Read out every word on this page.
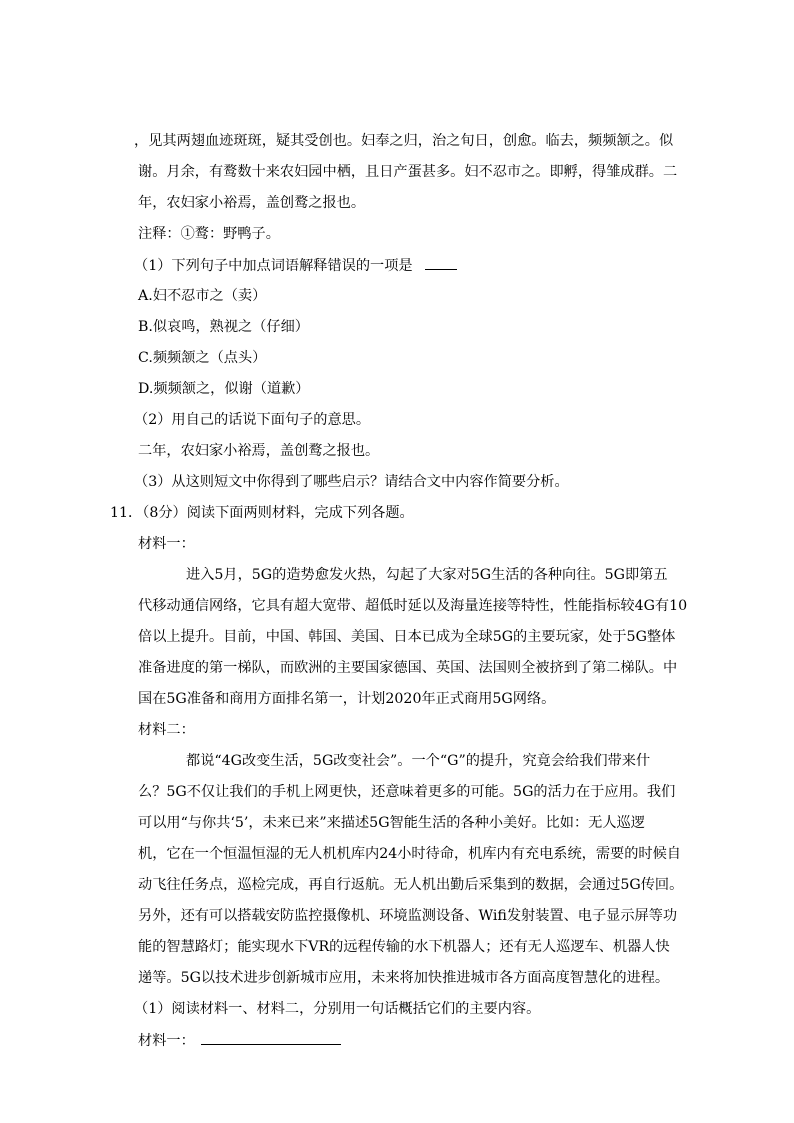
，见其两翅血迹斑斑，疑其受创也。妇奉之归，治之旬日，创愈。临去，频频颔之。似
谢。月余，有鹜数十来农妇园中栖，且日产蛋甚多。妇不忍市之。即孵，得雏成群。二
年，农妇家小裕焉，盖创鹜之报也。
注释：①鹜：野鸭子。
（1）下列句子中加点词语解释错误的一项是
A.妇不忍市之（卖）
B.似哀鸣，熟视之（仔细）
C.频频颔之（点头）
D.频频颔之，似谢（道歉）
（2）用自己的话说下面句子的意思。
二年，农妇家小裕焉，盖创鹜之报也。
（3）从这则短文中你得到了哪些启示？请结合文中内容作简要分析。
11．（8分）阅读下面两则材料，完成下列各题。
材料一：
进入5月，5G的造势愈发火热，勾起了大家对5G生活的各种向往。5G即第五
代移动通信网络，它具有超大宽带、超低时延以及海量连接等特性，性能指标较4G有10
倍以上提升。目前，中国、韩国、美国、日本已成为全球5G的主要玩家，处于5G整体
准备进度的第一梯队，而欧洲的主要国家德国、英国、法国则全被挤到了第二梯队。中
国在5G准备和商用方面排名第一，计划2020年正式商用5G网络。
材料二：
都说“4G改变生活，5G改变社会”。一个“G”的提升，究竟会给我们带来什
么？5G不仅让我们的手机上网更快，还意味着更多的可能。5G的活力在于应用。我们
可以用“与你共‘5’，未来已来”来描述5G智能生活的各种小美好。比如：无人巡逻
机，它在一个恒温恒湿的无人机机库内24小时待命，机库内有充电系统，需要的时候自
动飞往任务点，巡检完成，再自行返航。无人机出勤后采集到的数据，会通过5G传回。
另外，还有可以搭载安防监控摄像机、环境监测设备、Wifi发射装置、电子显示屏等功
能的智慧路灯；能实现水下VR的远程传输的水下机器人；还有无人巡逻车、机器人快
递等。5G以技术进步创新城市应用，未来将加快推进城市各方面高度智慧化的进程。
（1）阅读材料一、材料二，分别用一句话概括它们的主要内容。
材料一：
